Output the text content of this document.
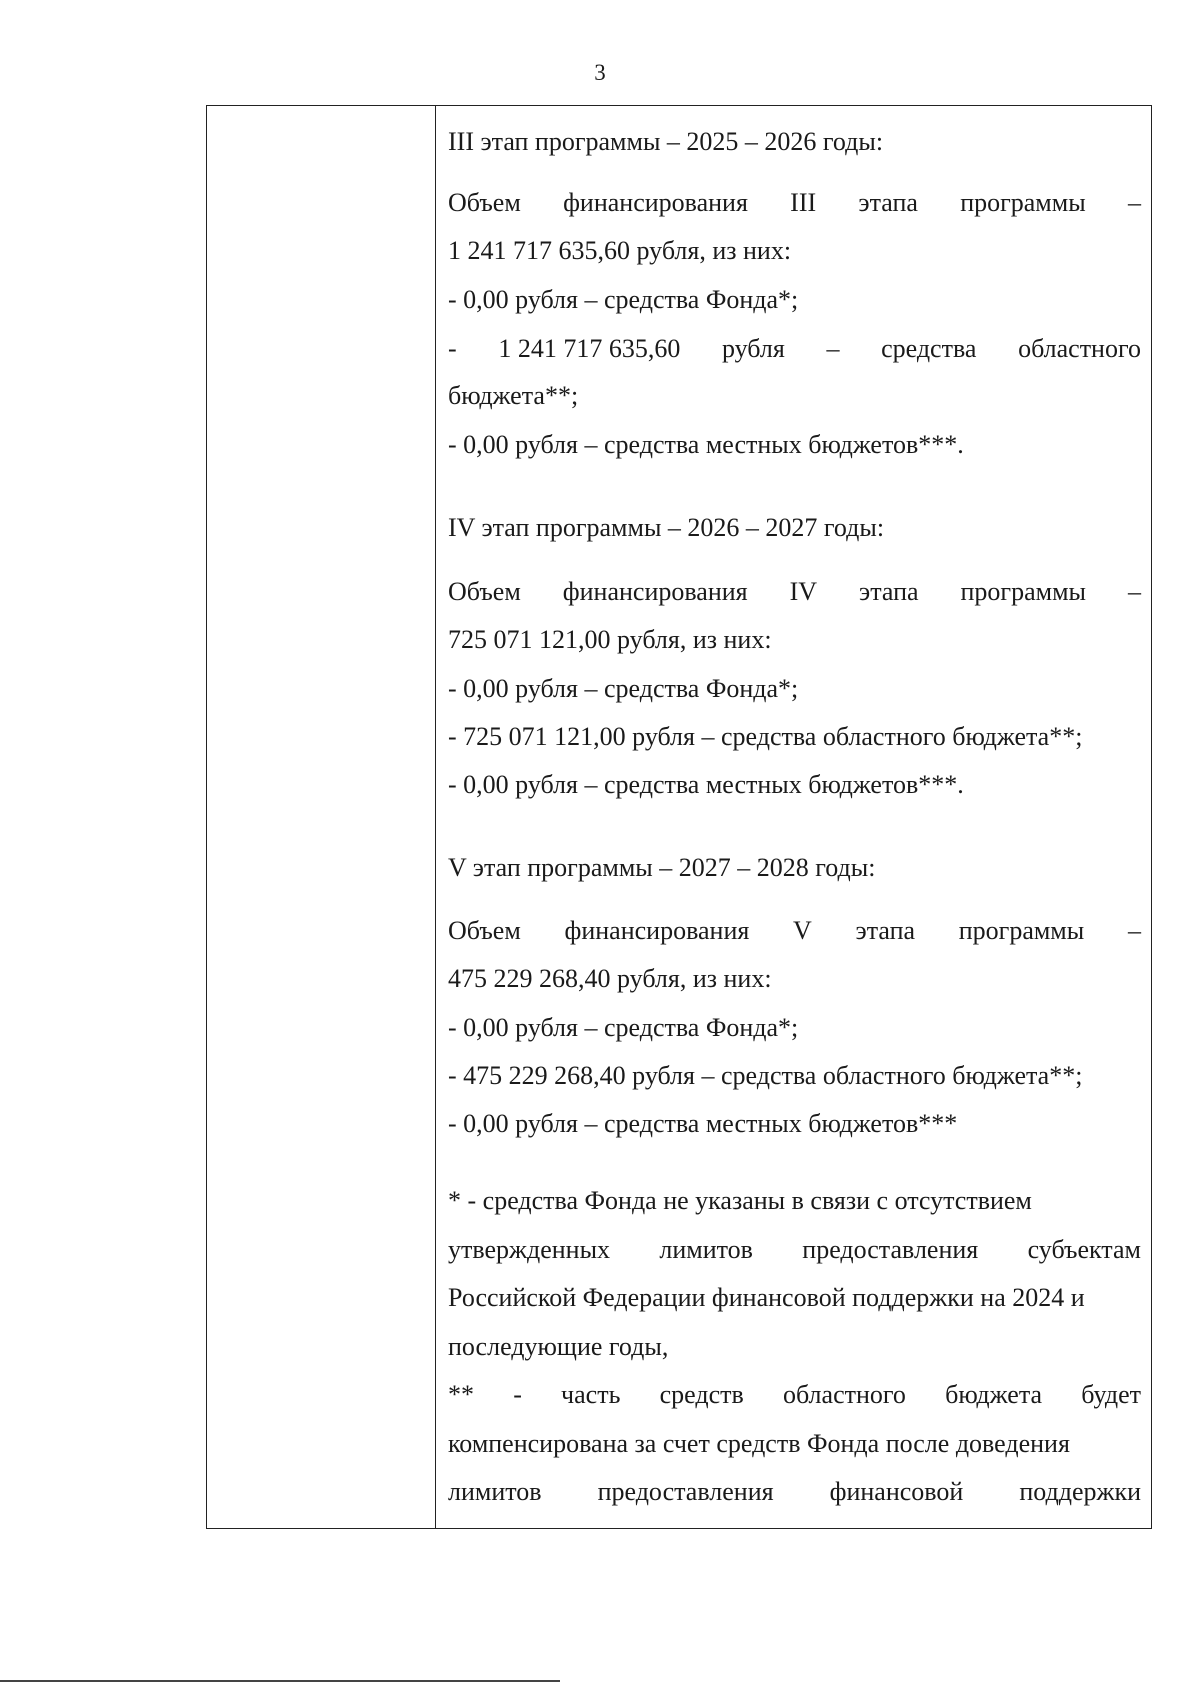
3
III этап программы – 2025 – 2026 годы:
Объем финансирования III этапа программы –
1 241 717 635,60 рубля, из них:
- 0,00 рубля – средства Фонда*;
- 1 241 717 635,60 рубля – средства областного
бюджета**;
- 0,00 рубля – средства местных бюджетов***.
IV этап программы – 2026 – 2027 годы:
Объем финансирования IV этапа программы –
725 071 121,00 рубля, из них:
- 0,00 рубля – средства Фонда*;
- 725 071 121,00 рубля – средства областного бюджета**;
- 0,00 рубля – средства местных бюджетов***.
V этап программы – 2027 – 2028 годы:
Объем финансирования V этапа программы –
475 229 268,40 рубля, из них:
- 0,00 рубля – средства Фонда*;
- 475 229 268,40 рубля – средства областного бюджета**;
- 0,00 рубля – средства местных бюджетов***
* - средства Фонда не указаны в связи с отсутствием
утвержденных лимитов предоставления субъектам
Российской Федерации финансовой поддержки на 2024 и
последующие годы,
** - часть средств областного бюджета будет
компенсирована за счет средств Фонда после доведения
лимитов предоставления финансовой поддержки
